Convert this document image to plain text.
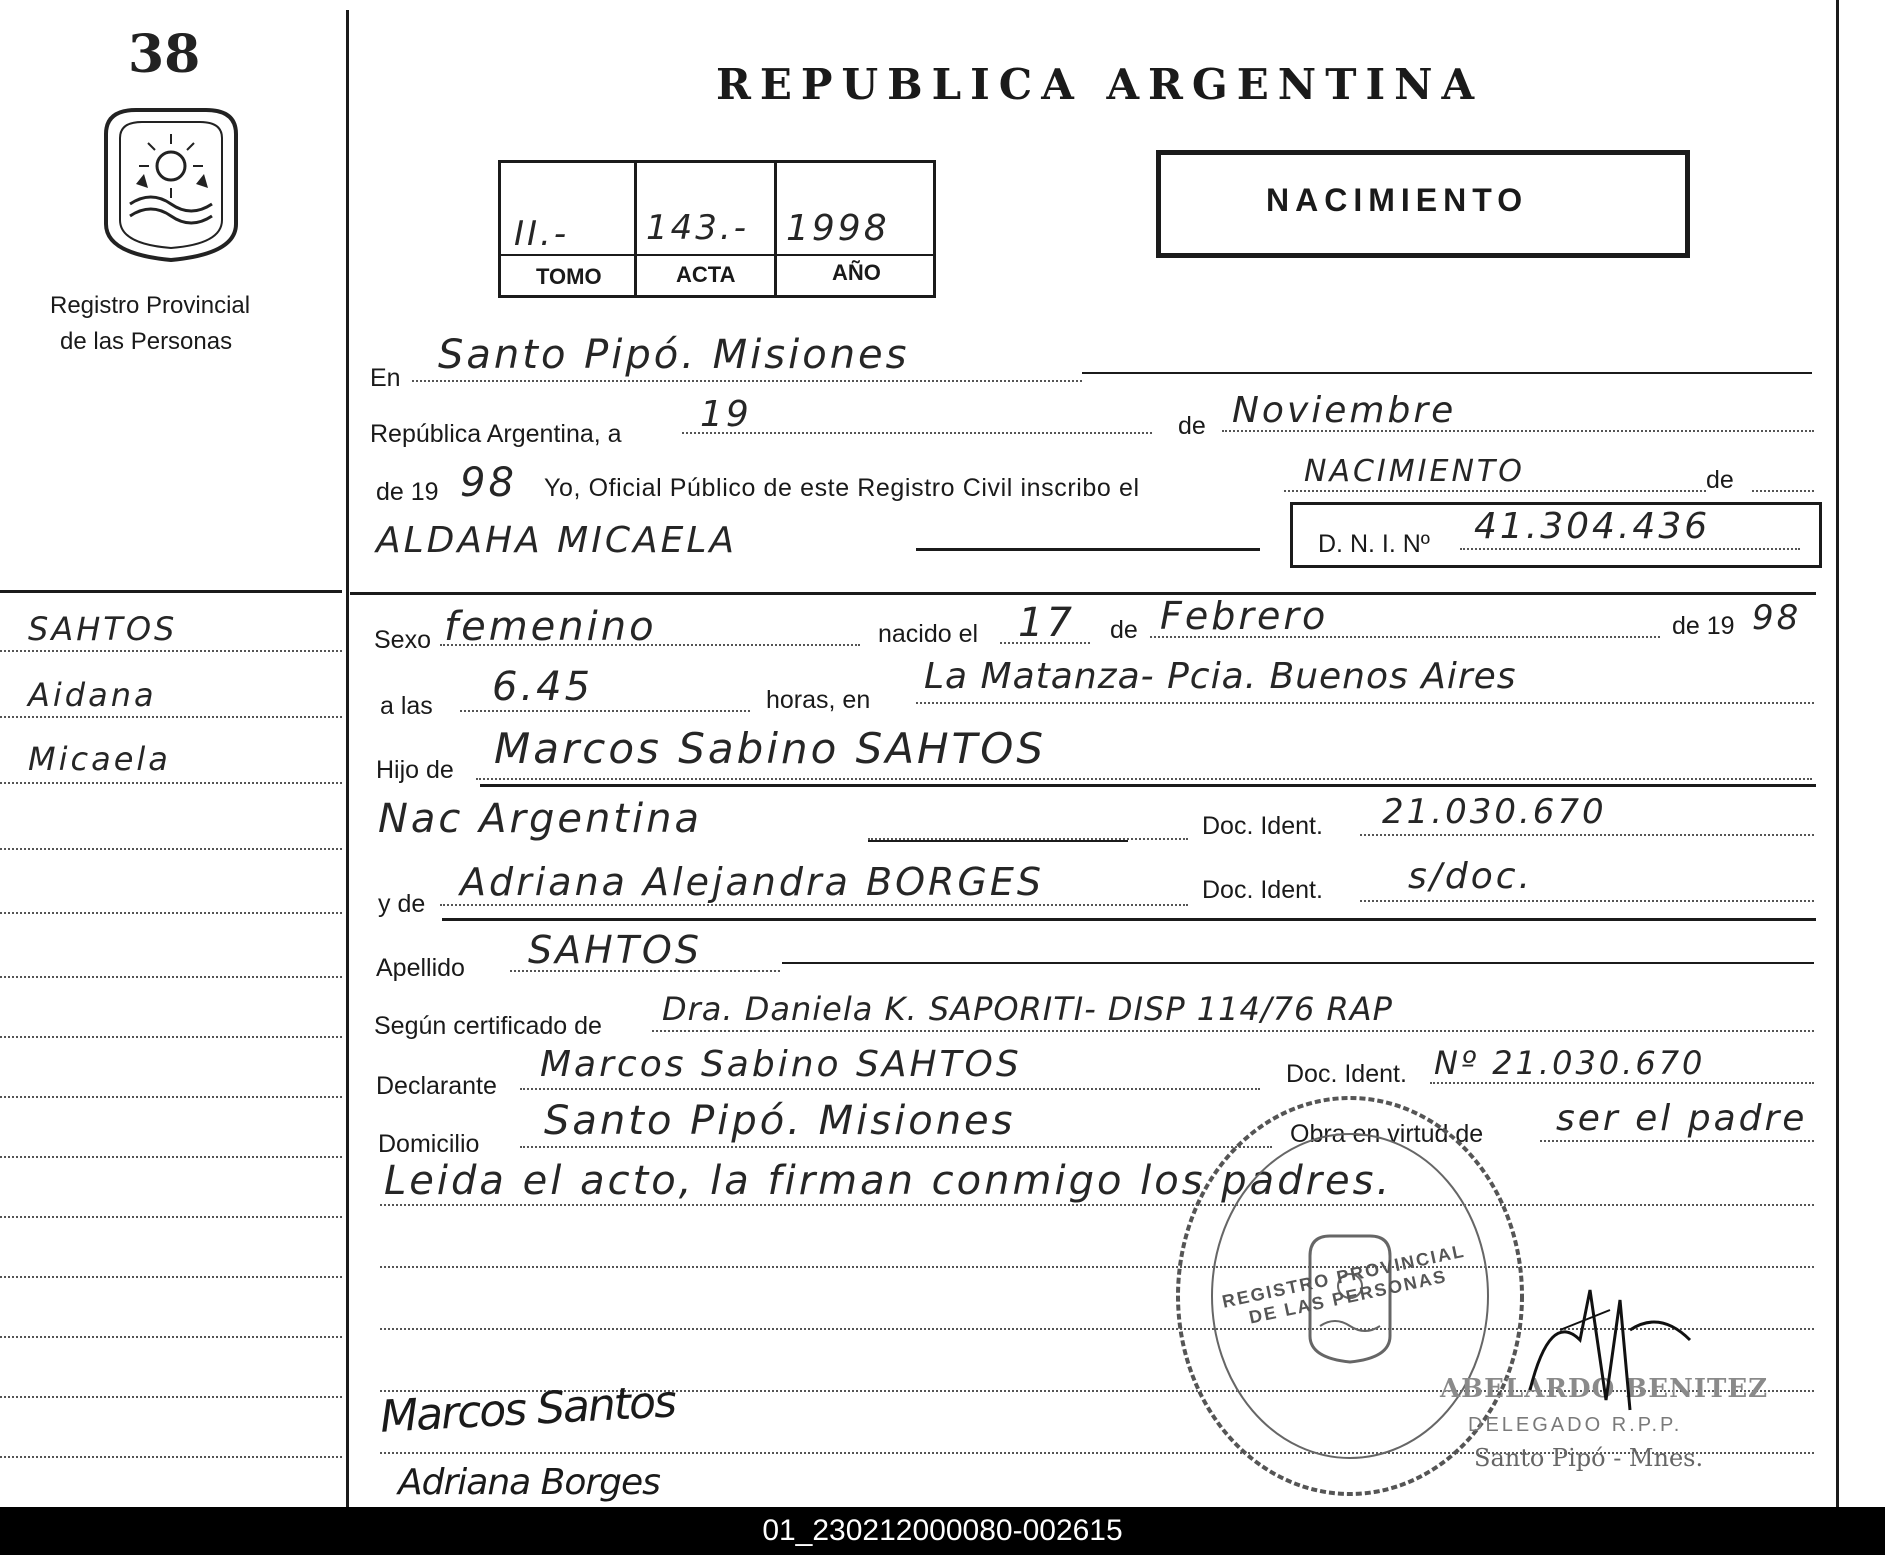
38
Registro Provincial
de las Personas
SAHTOS
Aidana
Micaela
REPUBLICA ARGENTINA
II.- 143.- 1998
TOMO	ACTA	AÑO
NACIMIENTO
En Santo Pipó. Misiones
República Argentina, a 19	de Noviembre
de 19 98 Yo, Oficial Público de este Registro Civil inscribo el	NACIMIENTO	de
ALDAHA MICAELA	D. N. I. Nº 41.304.436
Sexo femenino	nacido el 17 de Febrero	de 19 98
a las 6.45	horas, en
La Matanza- Pcia. Buenos Aires
Hijo de Marcos Sabino SAHTOS
Nac Argentina	Doc. Ident. 21.030.670
y de Adriana Alejandra BORGES	Doc. Ident. s/doc.
Apellido SAHTOS
Según certificado de Dra. Daniela K. SAPORITI- DISP 114/76 RAP
Declarante
Marcos Sabino SAHTOS	Doc. Ident. Nº 21.030.670
Domicilio Santo Pipó. Misiones	Obra en virtud de ser el padre
Leida el acto, la firman conmigo los padres.
REGISTRO PROVINCIAL DE LAS PERSONAS
ABELARDO BENITEZ
DELEGADO R.P.P.
Santo Pipó - Mnes.
Marcos Santos
Adriana Borges
01_230212000080-002615
